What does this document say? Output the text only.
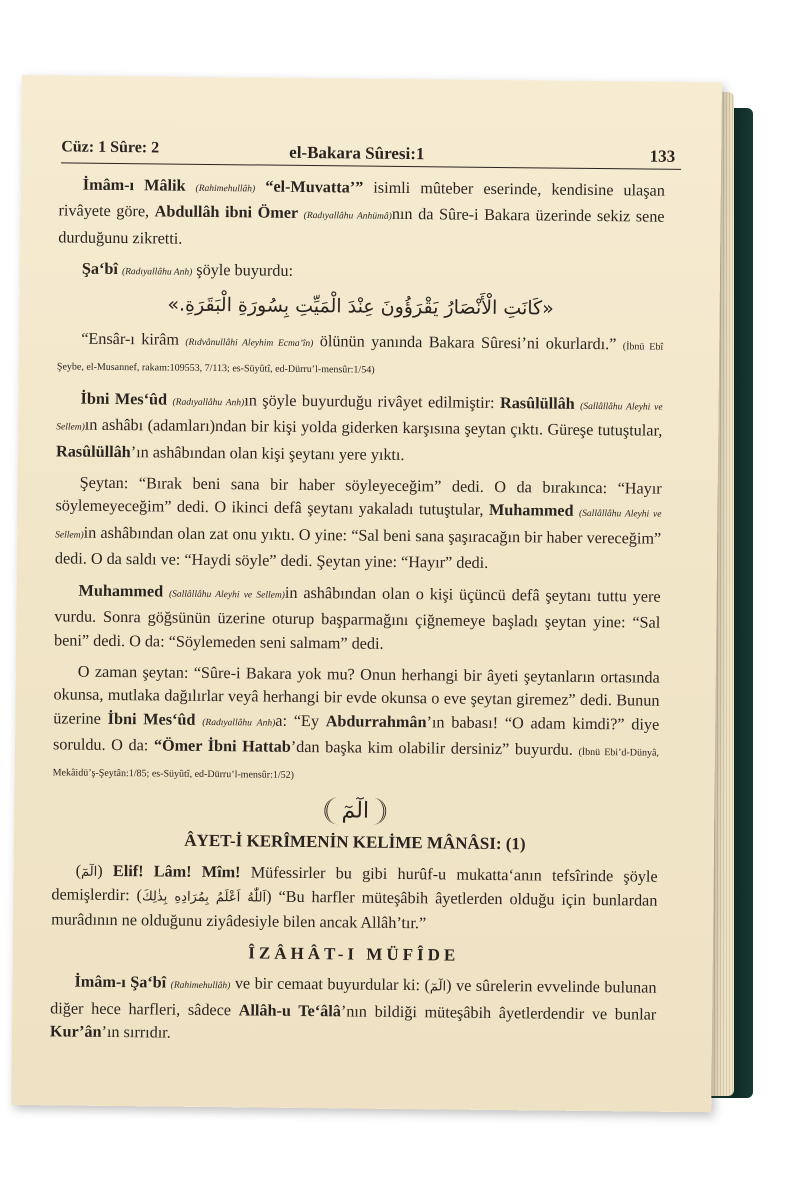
Cüz: 1 Sûre: 2	el-Bakara Sûresi:1	133

İmâm-ı Mâlik (Rahimehullâh) “el-Muvatta’” isimli mûteber eserinde, kendisine ulaşan rivâyete göre, Abdullâh ibni Ömer (Radıyallâhu Anhümâ)nın da Sûre-i Bakara üzerinde sekiz sene durduğunu zikretti.

Şa‘bî (Radıyallâhu Anh) şöyle buyurdu:

«كَانَتِ الْأَنْصَارُ يَقْرَؤُونَ عِنْدَ الْمَيِّتِ بِسُورَةِ الْبَقَرَةِ.»

“Ensâr-ı kirâm (Rıdvânullâhi Aleyhim Ecma’în) ölünün yanında Bakara Sûresi’ni okurlardı.” (İbnü Ebî Şeybe, el-Musannef, rakam:109553, 7/113; es-Süyûtî, ed-Dürru’l-mensûr:1/54)

İbni Mes‘ûd (Radıyallâhu Anh)ın şöyle buyurduğu rivâyet edilmiştir: Rasûlüllâh (Sallâllâhu Aleyhi ve Sellem)ın ashâbı (adamları)ndan bir kişi yolda giderken karşısına şeytan çıktı. Güreşe tutuştular, Rasûlüllâh’ın ashâbından olan kişi şeytanı yere yıktı.

Şeytan: “Bırak beni sana bir haber söyleyeceğim” dedi. O da bırakınca: “Hayır söylemeyeceğim” dedi. O ikinci defâ şeytanı yakaladı tutuştular, Muhammed (Sallâllâhu Aleyhi ve Sellem)in ashâbından olan zat onu yıktı. O yine: “Sal beni sana şaşıracağın bir haber vereceğim” dedi. O da saldı ve: “Haydi söyle” dedi. Şeytan yine: “Hayır” dedi.

Muhammed (Sallâllâhu Aleyhi ve Sellem)in ashâbından olan o kişi üçüncü defâ şeytanı tuttu yere vurdu. Sonra göğsünün üzerine oturup başparmağını çiğnemeye başladı şeytan yine: “Sal beni” dedi. O da: “Söylemeden seni salmam” dedi.

O zaman şeytan: “Sûre-i Bakara yok mu? Onun herhangi bir âyeti şeytanların ortasında okunsa, mutlaka dağılırlar veyâ herhangi bir evde okunsa o eve şeytan giremez” dedi. Bunun üzerine İbni Mes‘ûd (Radıyallâhu Anh)a: “Ey Abdurrahmân’ın babası! “O adam kimdi?” diye soruldu. O da: “Ömer İbni Hattab’dan başka kim olabilir dersiniz” buyurdu. (İbnü Ebi’d-Dünyâ, Mekâidü’ş-Şeytân:1/85; es-Süyûtî, ed-Dürru’l-mensûr:1/52)

الٓمٓ
ÂYET-İ KERÎMENİN KELİME MÂNÂSI: (1)

(الٓمٓ) Elif! Lâm! Mîm! Müfessirler bu gibi hurûf-u mukatta‘anın tefsîrinde şöyle demişlerdir: (اَللّٰهُ اَعْلَمُ بِمُرَادِهِ بِذٰلِكَ) “Bu harfler müteşâbih âyetlerden olduğu için bunlardan murâdının ne olduğunu ziyâdesiyle bilen ancak Allâh’tır.”

ÎZÂHÂT-I MÜFÎDE

İmâm-ı Şa‘bî (Rahimehullâh) ve bir cemaat buyurdular ki: (الٓمٓ) ve sûrelerin evvelinde bulunan diğer hece harfleri, sâdece Allâh-u Te‘âlâ’nın bildiği müteşâbih âyetlerdendir ve bunlar Kur’ân’ın sırrıdır.
